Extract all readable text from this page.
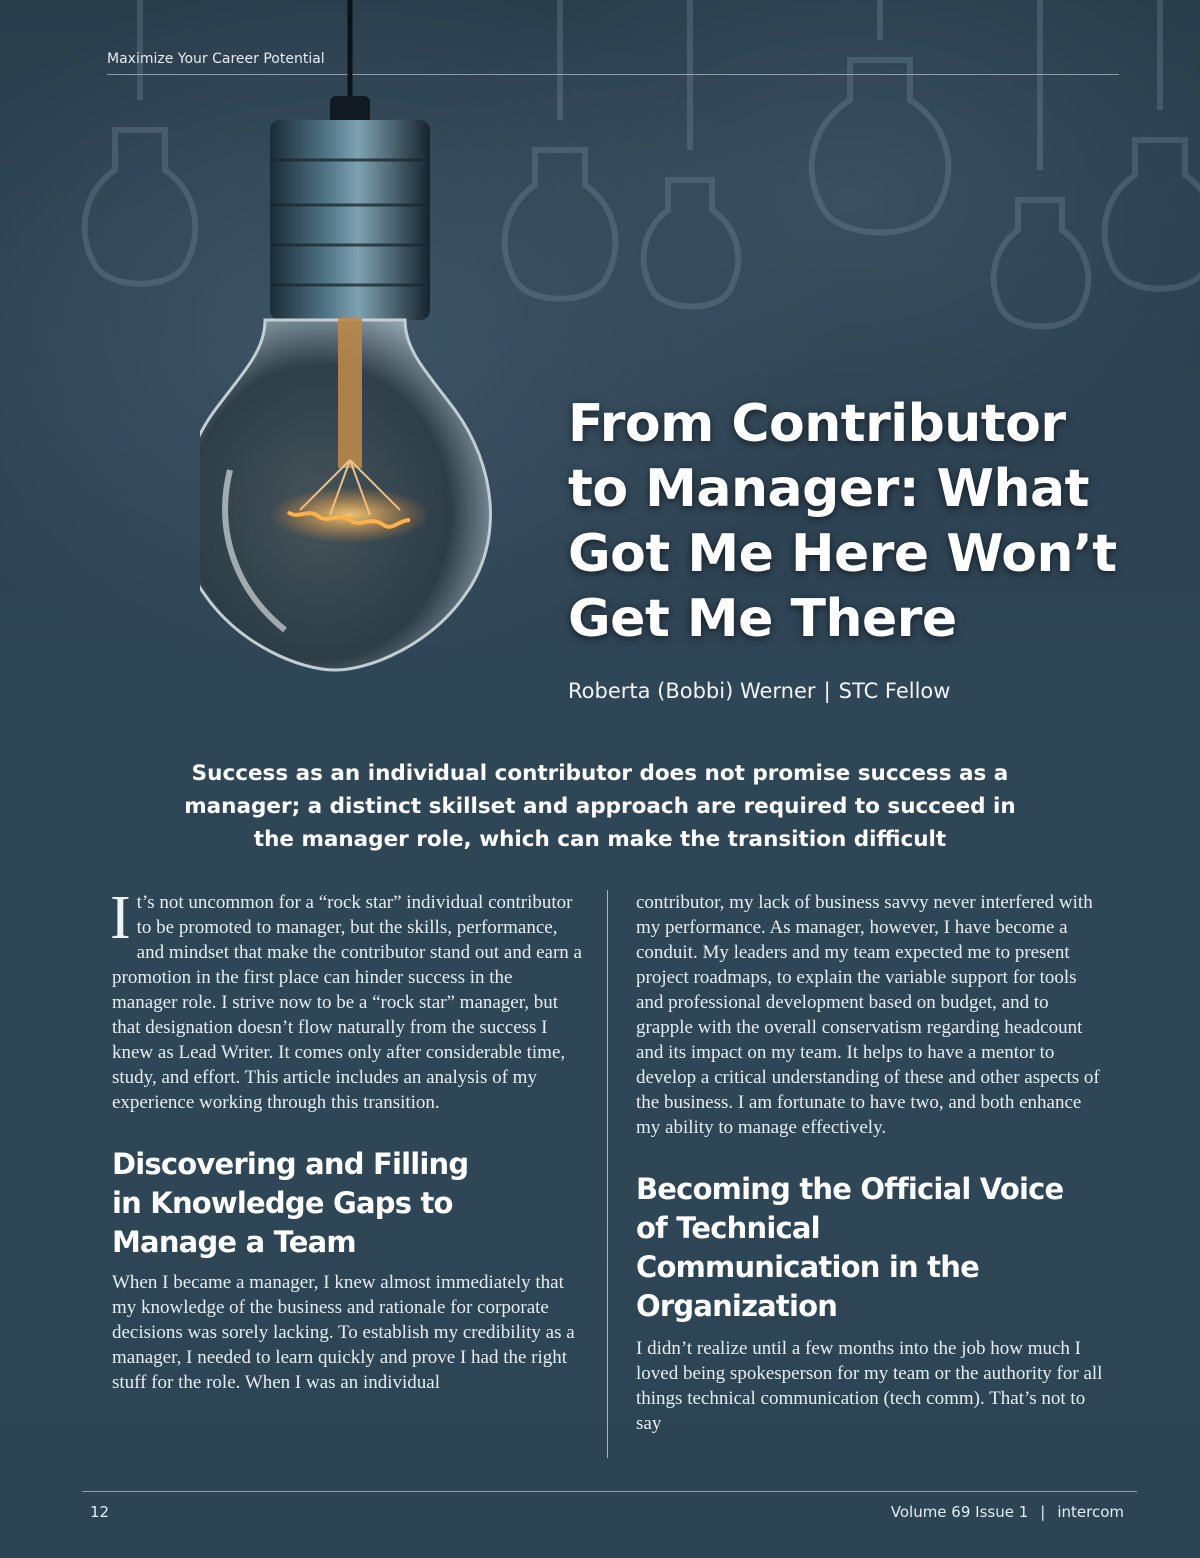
Maximize Your Career Potential
From Contributor to Manager: What Got Me Here Won’t Get Me There
Roberta (Bobbi) Werner | STC Fellow

Success as an individual contributor does not promise success as a manager; a distinct skillset and approach are required to succeed in the manager role, which can make the transition difficult

It’s not uncommon for a “rock star” individual contributor to be promoted to manager, but the skills, performance, and mindset that make the contributor stand out and earn a promotion in the first place can hinder success in the manager role. I strive now to be a “rock star” manager, but that designation doesn’t flow naturally from the success I knew as Lead Writer. It comes only after considerable time, study, and effort. This article includes an analysis of my experience working through this transition.

Discovering and Filling in Knowledge Gaps to Manage a Team

When I became a manager, I knew almost immediately that my knowledge of the business and rationale for corporate decisions was sorely lacking. To establish my credibility as a manager, I needed to learn quickly and prove I had the right stuff for the role. When I was an individual

contributor, my lack of business savvy never interfered with my performance. As manager, however, I have become a conduit. My leaders and my team expected me to present project roadmaps, to explain the variable support for tools and professional development based on budget, and to grapple with the overall conservatism regarding headcount and its impact on my team. It helps to have a mentor to develop a critical understanding of these and other aspects of the business. I am fortunate to have two, and both enhance my ability to manage effectively.

Becoming the Official Voice of Technical Communication in the Organization

I didn’t realize until a few months into the job how much I loved being spokesperson for my team or the authority for all things technical communication (tech comm). That’s not to say

12	Volume 69 Issue 1 | intercom
